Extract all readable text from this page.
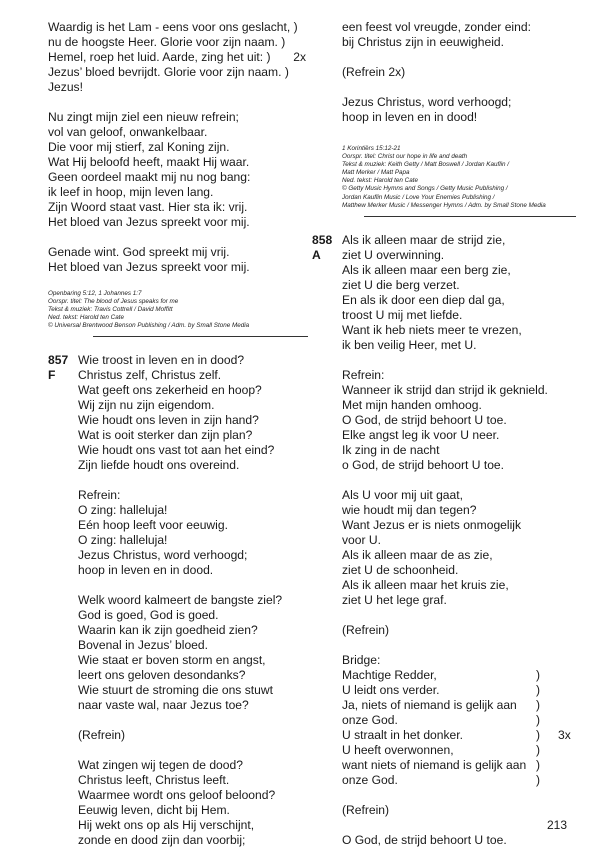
Waardig is het Lam - eens voor ons geslacht, )
nu de hoogste Heer. Glorie voor zijn naam. )
Hemel, roep het luid. Aarde, zing het uit: )	2x
Jezus’ bloed bevrijdt. Glorie voor zijn naam. )
Jezus!
Nu zingt mijn ziel een nieuw refrein;
vol van geloof, onwankelbaar.
Die voor mij stierf, zal Koning zijn.
Wat Hij beloofd heeft, maakt Hij waar.
Geen oordeel maakt mij nu nog bang:
ik leef in hoop, mijn leven lang.
Zijn Woord staat vast. Hier sta ik: vrij.
Het bloed van Jezus spreekt voor mij.
Genade wint. God spreekt mij vrij.
Het bloed van Jezus spreekt voor mij.
Openbaring 5:12, 1 Johannes 1:7
Oorspr. titel: The blood of Jesus speaks for me
Tekst & muziek: Travis Cottrell / David Moffitt
Ned. tekst: Harold ten Cate
© Universal Brentwood Benson Publishing / Adm. by Small Stone Media
857
F
Wie troost in leven en in dood?
Christus zelf, Christus zelf.
Wat geeft ons zekerheid en hoop?
Wij zijn nu zijn eigendom.
Wie houdt ons leven in zijn hand?
Wat is ooit sterker dan zijn plan?
Wie houdt ons vast tot aan het eind?
Zijn liefde houdt ons overeind.
Refrein:
O zing: halleluja!
Eén hoop leeft voor eeuwig.
O zing: halleluja!
Jezus Christus, word verhoogd;
hoop in leven en in dood.
Welk woord kalmeert de bangste ziel?
God is goed, God is goed.
Waarin kan ik zijn goedheid zien?
Bovenal in Jezus’ bloed.
Wie staat er boven storm en angst,
leert ons geloven desondanks?
Wie stuurt de stroming die ons stuwt
naar vaste wal, naar Jezus toe?
(Refrein)
Wat zingen wij tegen de dood?
Christus leeft, Christus leeft.
Waarmee wordt ons geloof beloond?
Eeuwig leven, dicht bij Hem.
Hij wekt ons op als Hij verschijnt,
zonde en dood zijn dan voorbij;
een feest vol vreugde, zonder eind:
bij Christus zijn in eeuwigheid.
(Refrein 2x)
Jezus Christus, word verhoogd;
hoop in leven en in dood!
1 Korintiërs 15:12-21
Oorspr. titel: Christ our hope in life and death
Tekst & muziek: Keith Getty / Matt Boswell / Jordan Kauflin /
Matt Merker / Matt Papa
Ned. tekst: Harold ten Cate
© Getty Music Hymns and Songs / Getty Music Publishing /
Jordan Kauflin Music / Love Your Enemies Publishing /
Matthew Merker Music / Messenger Hymns / Adm. by Small Stone Media
858
A
Als ik alleen maar de strijd zie,
ziet U overwinning.
Als ik alleen maar een berg zie,
ziet U die berg verzet.
En als ik door een diep dal ga,
troost U mij met liefde.
Want ik heb niets meer te vrezen,
ik ben veilig Heer, met U.
Refrein:
Wanneer ik strijd dan strijd ik geknield.
Met mijn handen omhoog.
O God, de strijd behoort U toe.
Elke angst leg ik voor U neer.
Ik zing in de nacht
o God, de strijd behoort U toe.
Als U voor mij uit gaat,
wie houdt mij dan tegen?
Want Jezus er is niets onmogelijk
voor U.
Als ik alleen maar de as zie,
ziet U de schoonheid.
Als ik alleen maar het kruis zie,
ziet U het lege graf.
(Refrein)
Bridge:
Machtige Redder,	)
U leidt ons verder.	)
Ja, niets of niemand is gelijk aan	)
onze God.	)
U straalt in het donker.	)	3x
U heeft overwonnen,	)
want niets of niemand is gelijk aan )
onze God.	)
(Refrein)
O God, de strijd behoort U toe.
213
